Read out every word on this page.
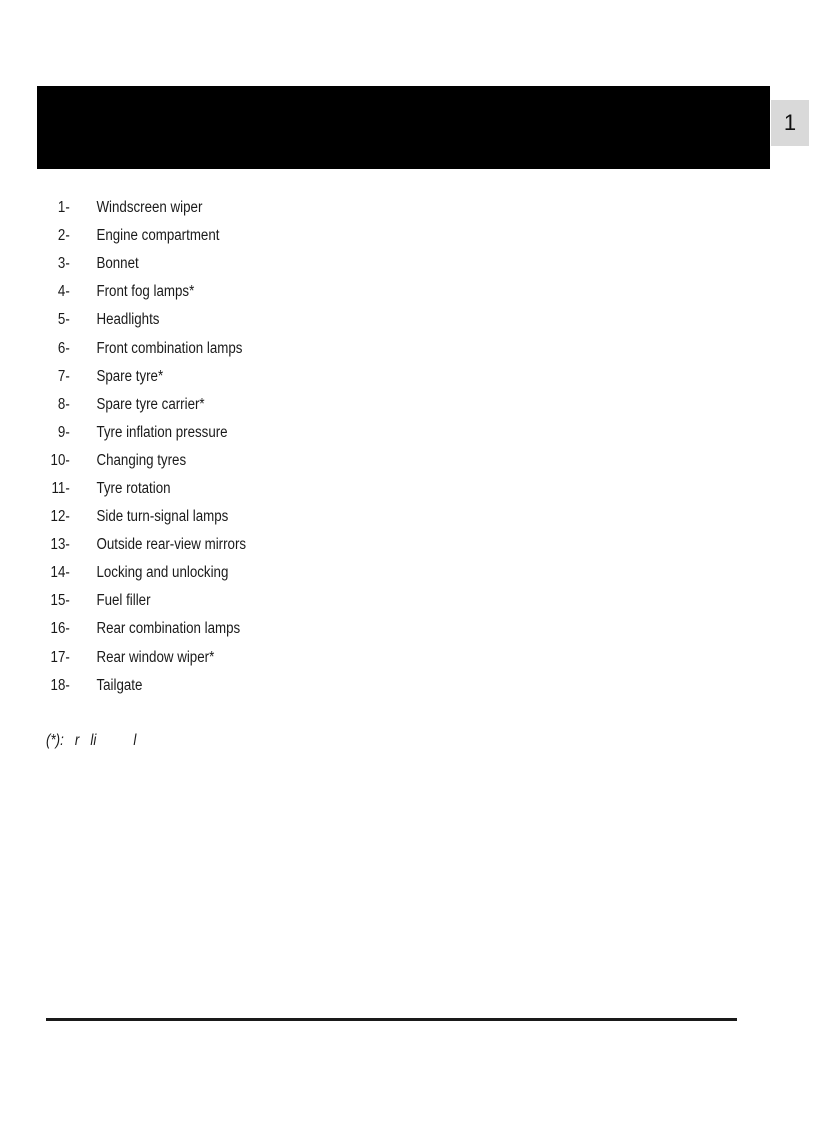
1
1- Windscreen wiper
2- Engine compartment
3- Bonnet
4- Front fog lamps*
5- Headlights
6- Front combination lamps
7- Spare tyre*
8- Spare tyre carrier*
9- Tyre inflation pressure
10- Changing tyres
11- Tyre rotation
12- Side turn-signal lamps
13- Outside rear-view mirrors
14- Locking and unlocking
15- Fuel filler
16- Rear combination lamps
17- Rear window wiper*
18- Tailgate
(*):   r   li          l
